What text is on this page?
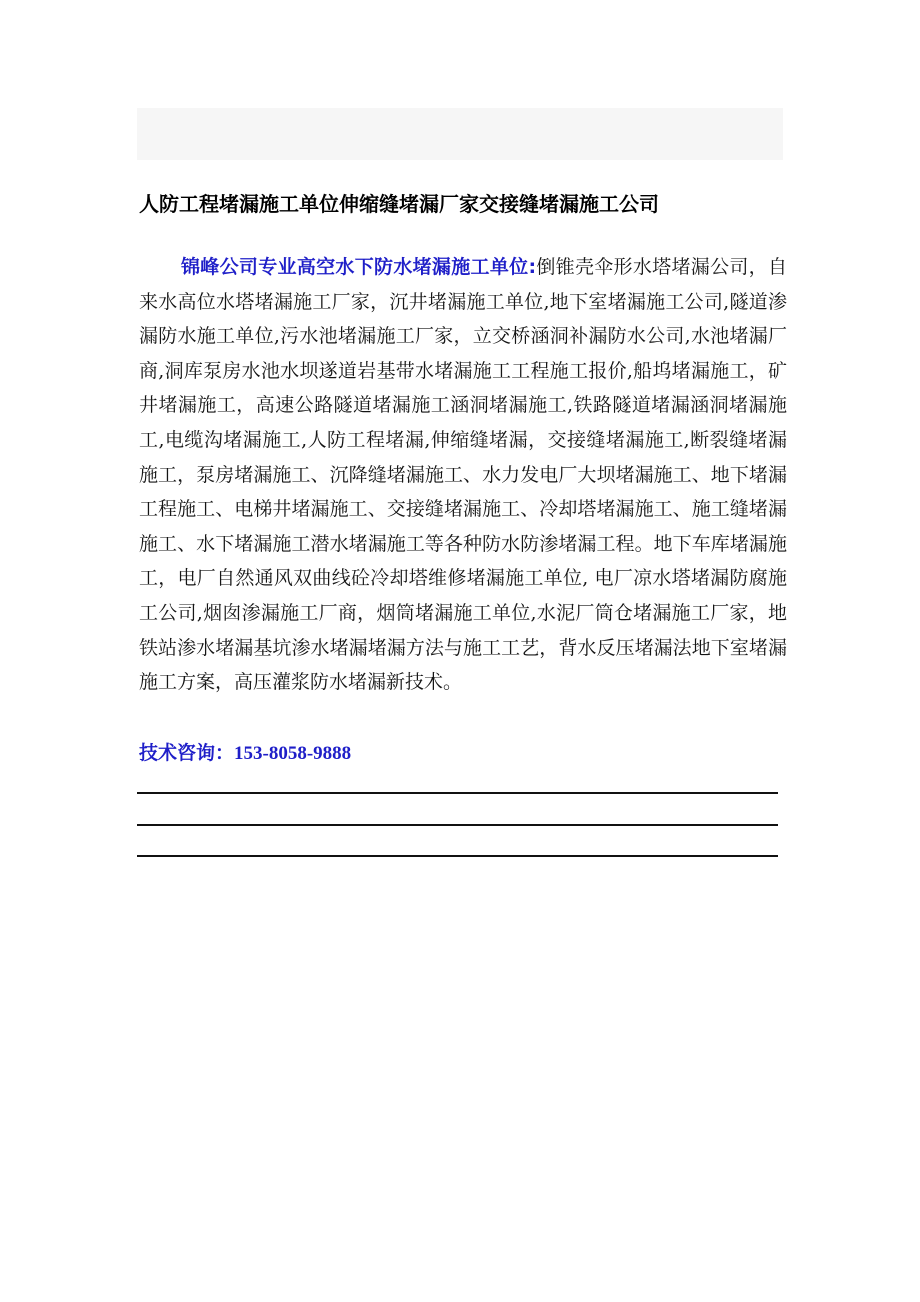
人防工程堵漏施工单位伸缩缝堵漏厂家交接缝堵漏施工公司

锦峰公司专业高空水下防水堵漏施工单位:倒锥壳伞形水塔堵漏公司，自来水高位水塔堵漏施工厂家，沉井堵漏施工单位,地下室堵漏施工公司,隧道渗漏防水施工单位,污水池堵漏施工厂家，立交桥涵洞补漏防水公司,水池堵漏厂商,洞库泵房水池水坝遂道岩基带水堵漏施工工程施工报价,船坞堵漏施工，矿井堵漏施工，高速公路隧道堵漏施工涵洞堵漏施工,铁路隧道堵漏涵洞堵漏施工,电缆沟堵漏施工,人防工程堵漏,伸缩缝堵漏，交接缝堵漏施工,断裂缝堵漏施工，泵房堵漏施工、沉降缝堵漏施工、水力发电厂大坝堵漏施工、地下堵漏工程施工、电梯井堵漏施工、交接缝堵漏施工、冷却塔堵漏施工、施工缝堵漏施工、水下堵漏施工潜水堵漏施工等各种防水防渗堵漏工程。地下车库堵漏施工，电厂自然通风双曲线砼冷却塔维修堵漏施工单位, 电厂凉水塔堵漏防腐施工公司,烟囱渗漏施工厂商，烟筒堵漏施工单位,水泥厂筒仓堵漏施工厂家，地铁站渗水堵漏基坑渗水堵漏堵漏方法与施工工艺，背水反压堵漏法地下室堵漏施工方案，高压灌浆防水堵漏新技术。

技术咨询：153-8058-9888
